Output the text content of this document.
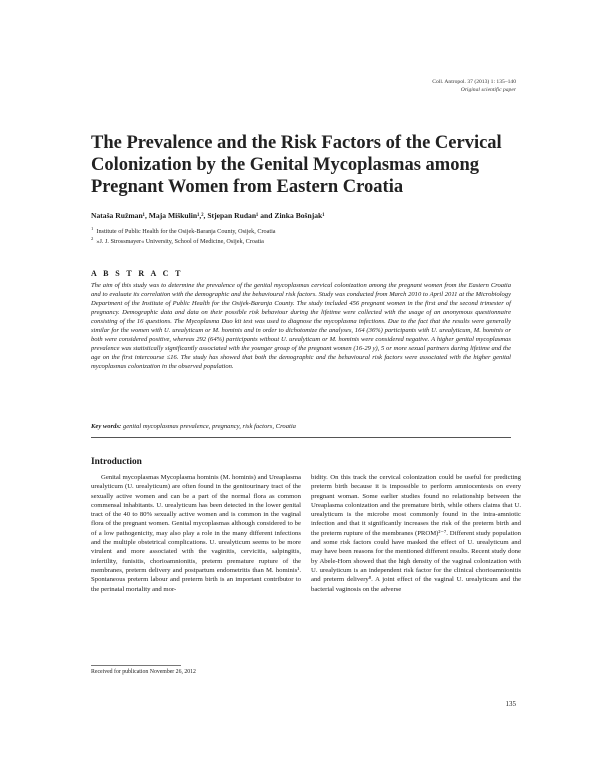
Coll. Antropol. 37 (2013) 1: 135–140
Original scientific paper
The Prevalence and the Risk Factors of the Cervical Colonization by the Genital Mycoplasmas among Pregnant Women from Eastern Croatia
Nataša Ružman¹, Maja Miškulin¹,², Stjepan Rudan¹ and Zinka Bošnjak¹
$^1$ Institute of Public Health for the Osijek-Baranja County, Osijek, Croatia
$^2$ »J. J. Strossmayer« University, School of Medicine, Osijek, Croatia
A B S T R A C T
The aim of this study was to determine the prevalence of the genital mycoplasmas cervical colonization among the pregnant women from the Eastern Croatia and to evaluate its correlation with the demographic and the behavioural risk factors. Study was conducted from March 2010 to April 2011 at the Microbiology Department of the Institute of Public Health for the Osijek-Baranja County. The study included 456 pregnant women in the first and the second trimester of pregnancy. Demographic data and data on their possible risk behaviour during the lifetime were collected with the usage of an anonymous questionnaire consisting of the 16 questions. The Mycoplasma Duo kit test was used to diagnose the mycoplasma infections. Due to the fact that the results were generally similar for the women with U. urealyticum or M. hominis and in order to dichotomize the analyses, 164 (36%) participants with U. urealyticum, M. hominis or both were considered positive, whereas 292 (64%) participants without U. urealyticum or M. hominis were considered negative. A higher genital mycoplasmas prevalence was statistically significantly associated with the younger group of the pregnant women (16-29 y), 5 or more sexual partners during lifetime and the age on the first intercourse ≤16. The study has showed that both the demographic and the behavioural risk factors were associated with the higher genital mycoplasmas colonization in the observed population.
Key words: genital mycoplasmas prevalence, pregnancy, risk factors, Croatia
Introduction

Genital mycoplasmas Mycoplasma hominis (M. hominis) and Ureaplasma urealyticum (U. urealyticum) are often found in the genitourinary tract of the sexually active women and can be a part of the normal flora as common commensal inhabitants. U. urealyticum has been detected in the lower genital tract of the 40 to 80% sexually active women and is common in the vaginal flora of the pregnant women. Genital mycoplasmas although considered to be of a low pathogenicity, may also play a role in the many different infections and the multiple obstetrical complications. U. urealyticum seems to be more virulent and more associated with the vaginitis, cervicitis, salpingitis, infertility, funisitis, chorioamnionitis, preterm premature rupture of the membranes, preterm delivery and postpartum endometritis than M. hominis¹. Spontaneous preterm labour and preterm birth is an important contributor to the perinatal mortality and mor-

bidity. On this track the cervical colonization could be useful for predicting preterm birth because it is impossible to perform amniocentesis on every pregnant woman. Some earlier studies found no relationship between the Ureaplasma colonization and the premature birth, while others claims that U. urealyticum is the microbe most commonly found in the intra-amniotic infection and that it significantly increases the risk of the preterm birth and the preterm rupture of the membranes (PROM)²⁻⁷. Different study population and some risk factors could have masked the effect of U. urealyticum and may have been reasons for the mentioned different results. Recent study done by Abele-Horn showed that the high density of the vaginal colonization with U. urealyticum is an independent risk factor for the clinical chorioamnionitis and preterm delivery⁸. A joint effect of the vaginal U. urealyticum and the bacterial vaginosis on the adverse

Received for publication November 26, 2012
135
